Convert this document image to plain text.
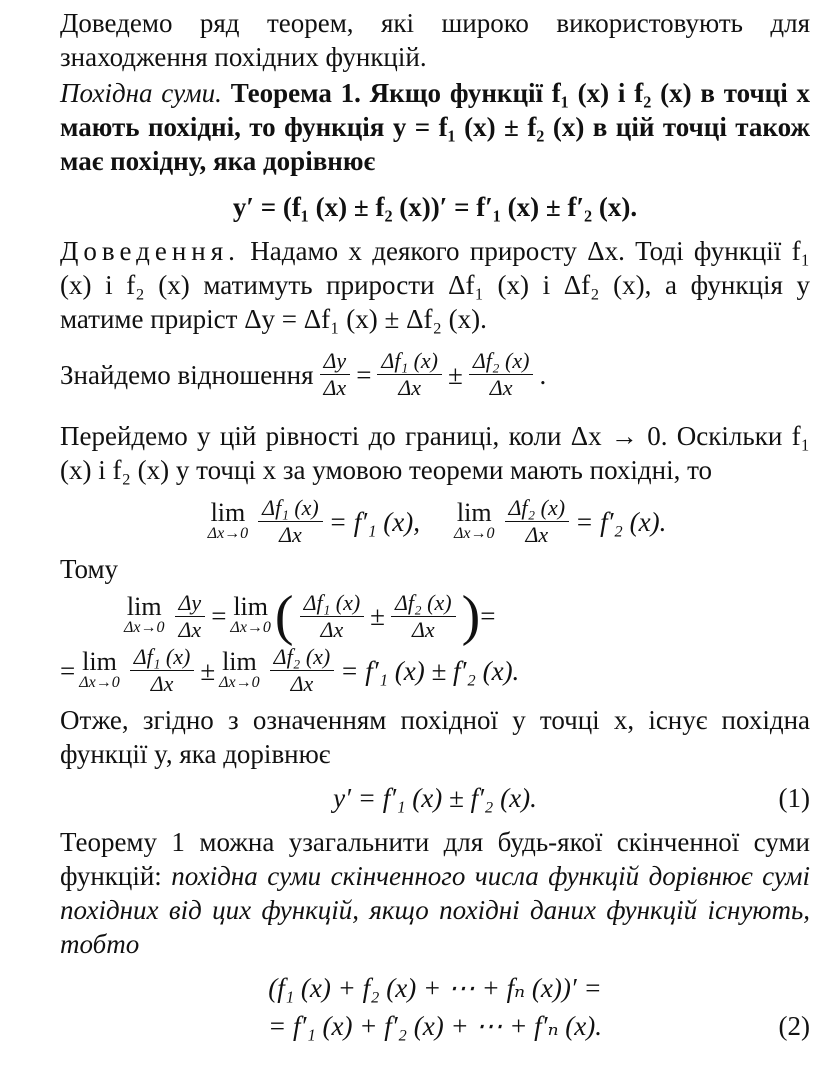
Доведемо ряд теорем, які широко використовують для знаходження похідних функцій.

Похідна суми. Теорема 1. Якщо функції f₁ (x) і f₂ (x) в точці x мають похідні, то функція y = f₁ (x) ± f₂ (x) в цій точці також має похідну, яка дорівнює

y′ = (f₁ (x) ± f₂ (x))′ = f′₁ (x) ± f′₂ (x).

Доведення. Надамо x деякого приросту Δx. Тоді функції f₁ (x) і f₂ (x) матимуть прирости Δf₁ (x) і Δf₂ (x), а функція y матиме приріст Δy = Δf₁ (x) ± Δf₂ (x).

Знайдемо відношення $\frac{\Delta y}{\Delta x} = \frac{\text{Δf₁ (x)}}{\Delta x} \pm \frac{\text{Δf₂ (x)}}{\Delta x}$ .

Перейдемо у цій рівності до границі, коли Δx → 0. Оскільки f₁ (x) і f₂ (x) у точці x за умовою теореми мають похідні, то

lim
$\Delta x\to 0 \frac{\text{Δf₁ (x)}}{\Delta x} = f'_1$ (x), lim
$\Delta x\to 0 \frac{\text{Δf₂ (x)}}{\Delta x} = f'_2$ (x).

Тому

lim
$\Delta x\to 0 \frac{\Delta y}{\Delta x} = \lim$
Δx→0 ( $\frac{\text{Δf₁ (x)}}{\Delta x} \pm \frac{\text{Δf₂ (x)}}{\Delta x}$ ) =
= lim
$\Delta x\to 0 \frac{\text{Δf₁ (x)}}{\Delta x} \pm \lim$
$\Delta x\to 0 \frac{\text{Δf₂ (x)}}{\Delta x} = f'_1$ (x) ± f′₂ (x).

Отже, згідно з означенням похідної у точці x, існує похідна функції y, яка дорівнює

y′ = f′₁ (x) ± f′₂ (x).	(1)

Теорему 1 можна узагальнити для будь-якої скінченної суми функцій: похідна суми скінченного числа функцій дорівнює сумі похідних від цих функцій, якщо похідні даних функцій існують, тобто

(f₁ (x) + f₂ (x) + ⋯ + fₙ (x))′ =
= f′₁ (x) + f′₂ (x) + ⋯ + f′ₙ (x).	(2)
